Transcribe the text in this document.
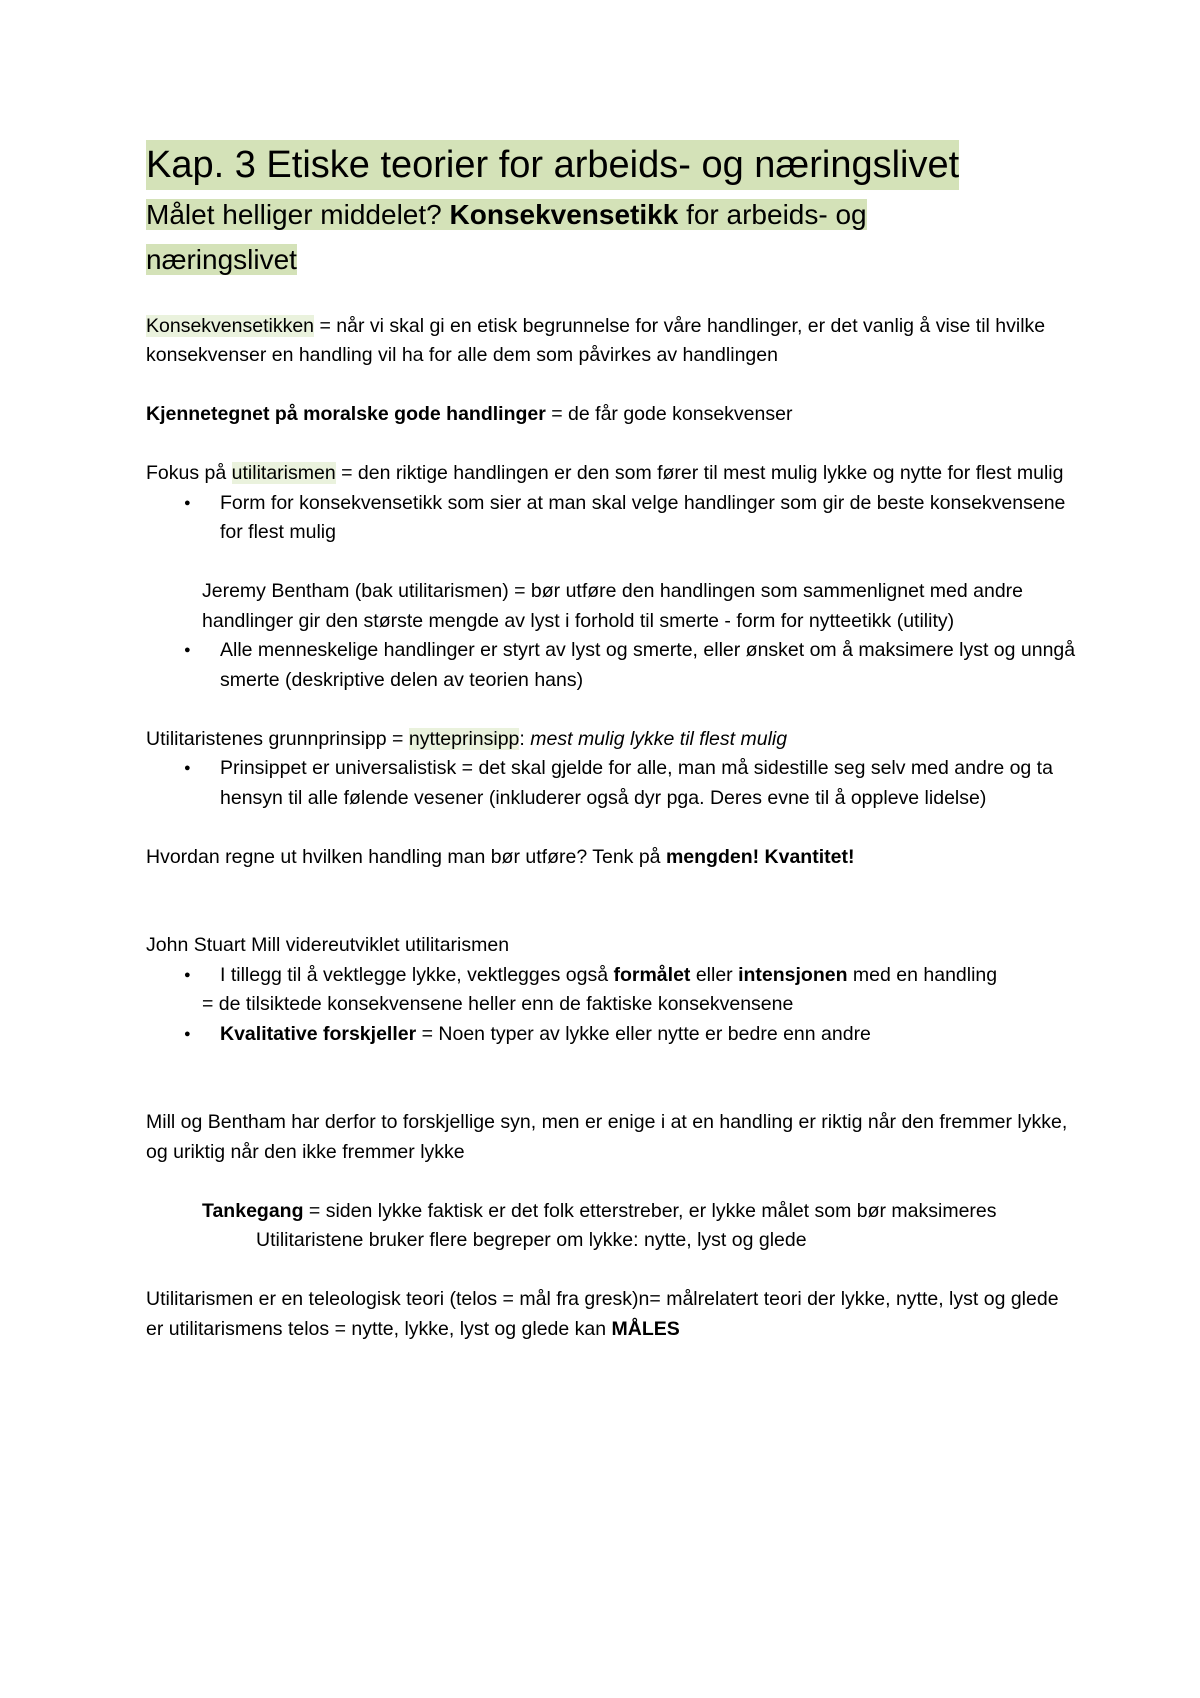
Kap. 3 Etiske teorier for arbeids- og næringslivet
Målet helliger middelet? Konsekvensetikk for arbeids- og
næringslivet

Konsekvensetikken = når vi skal gi en etisk begrunnelse for våre handlinger, er det vanlig å vise til hvilke konsekvenser en handling vil ha for alle dem som påvirkes av handlingen

Kjennetegnet på moralske gode handlinger = de får gode konsekvenser

Fokus på utilitarismen = den riktige handlingen er den som fører til mest mulig lykke og nytte for flest mulig

● Form for konsekvensetikk som sier at man skal velge handlinger som gir de beste konsekvensene for flest mulig

Jeremy Bentham (bak utilitarismen) = bør utføre den handlingen som sammenlignet med andre handlinger gir den største mengde av lyst i forhold til smerte - form for nytteetikk (utility)

● Alle menneskelige handlinger er styrt av lyst og smerte, eller ønsket om å maksimere lyst og unngå smerte (deskriptive delen av teorien hans)

Utilitaristenes grunnprinsipp = nytteprinsipp: mest mulig lykke til flest mulig

● Prinsippet er universalistisk = det skal gjelde for alle, man må sidestille seg selv med andre og ta hensyn til alle følende vesener (inkluderer også dyr pga. Deres evne til å oppleve lidelse)

Hvordan regne ut hvilken handling man bør utføre? Tenk på mengden! Kvantitet!

John Stuart Mill videreutviklet utilitarismen

● I tillegg til å vektlegge lykke, vektlegges også formålet eller intensjonen med en handling

= de tilsiktede konsekvensene heller enn de faktiske konsekvensene

● Kvalitative forskjeller = Noen typer av lykke eller nytte er bedre enn andre

Mill og Bentham har derfor to forskjellige syn, men er enige i at en handling er riktig når den fremmer lykke, og uriktig når den ikke fremmer lykke

Tankegang = siden lykke faktisk er det folk etterstreber, er lykke målet som bør maksimeres

Utilitaristene bruker flere begreper om lykke: nytte, lyst og glede

Utilitarismen er en teleologisk teori (telos = mål fra gresk)n= målrelatert teori der lykke, nytte, lyst og glede er utilitarismens telos = nytte, lykke, lyst og glede kan MÅLES
